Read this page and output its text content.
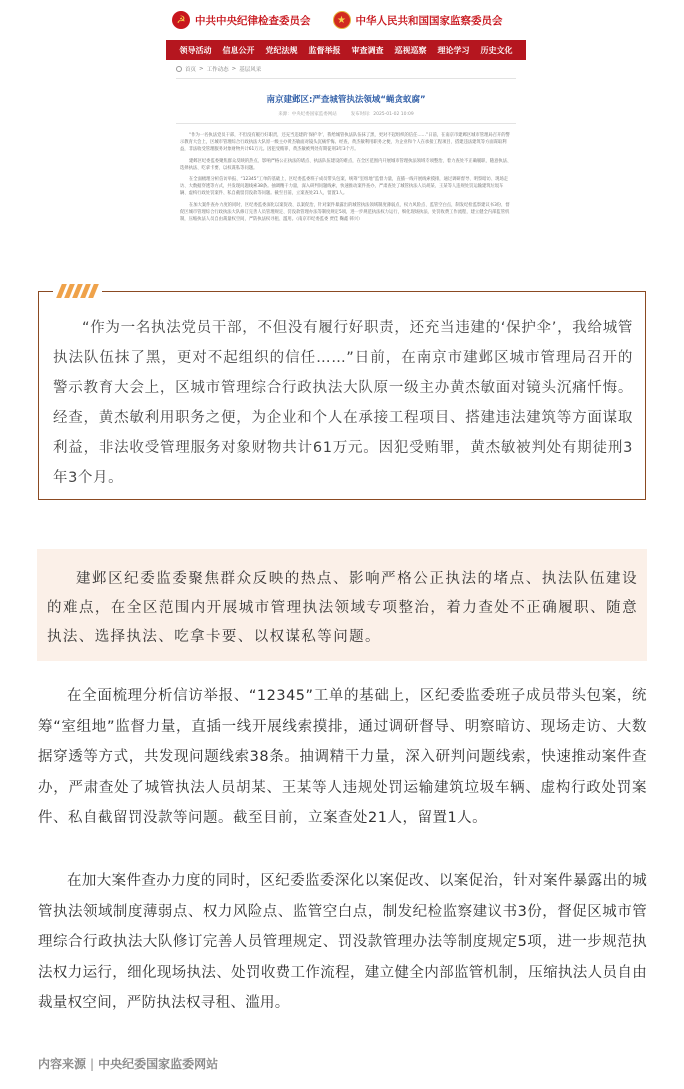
☭ 中共中央纪律检查委员会	★ 中华人民共和国国家监察委员会
领导活动 信息公开 党纪法规 监督举报 审查调查 巡视巡察 理论学习 历史文化
首页 > 工作动态 > 基层风采
南京建邺区:严查城管执法领域“蝇贪蚁腐”
来源：中央纪委国家监委网站	发布时间：2025-01-02 10:09

“作为一名执法党员干部，不但没有履行好职责，还充当违建的‘保护伞’，我给城管执法队伍抹了黑，更对不起组织的信任……”日前，在南京市建邺区城市管理局召开的警示教育大会上，区城市管理综合行政执法大队原一级主办黄杰敏面对镜头沉痛忏悔。经查，黄杰敏利用职务之便，为企业和个人在承接工程项目、搭建违法建筑等方面谋取利益，非法收受管理服务对象财物共计61万元。因犯受贿罪，黄杰敏被判处有期徒刑3年3个月。

建邺区纪委监委聚焦群众反映的热点、影响严格公正执法的堵点、执法队伍建设的难点，在全区范围内开展城市管理执法领域专项整治，着力查处不正确履职、随意执法、选择执法、吃拿卡要、以权谋私等问题。

在全面梳理分析信访举报、“12345”工单的基础上，区纪委监委班子成员带头包案，统筹“室组地”监督力量，直插一线开展线索摸排，通过调研督导、明察暗访、现场走访、大数据穿透等方式，共发现问题线索38条。抽调精干力量，深入研判问题线索，快速推动案件查办，严肃查处了城管执法人员胡某、王某等人违规处罚运输建筑垃圾车辆、虚构行政处罚案件、私自截留罚没款等问题。截至目前，立案查处21人，留置1人。

在加大案件查办力度的同时，区纪委监委深化以案促改、以案促治，针对案件暴露出的城管执法领域制度薄弱点、权力风险点、监管空白点，制发纪检监察建议书3份，督促区城市管理综合行政执法大队修订完善人员管理规定、罚没款管理办法等制度规定5项，进一步规范执法权力运行，细化现场执法、处罚收费工作流程，建立健全内部监管机制，压缩执法人员自由裁量权空间，严防执法权寻租、滥用。（南京市纪委监委 贾佳 鞠鑫 韩兴）

“作为一名执法党员干部，不但没有履行好职责，还充当违建的‘保护伞’，我给城管执法队伍抹了黑，更对不起组织的信任……”日前，在南京市建邺区城市管理局召开的警示教育大会上，区城市管理综合行政执法大队原一级主办黄杰敏面对镜头沉痛忏悔。经查，黄杰敏利用职务之便，为企业和个人在承接工程项目、搭建违法建筑等方面谋取利益，非法收受管理服务对象财物共计61万元。因犯受贿罪，黄杰敏被判处有期徒刑3年3个月。
建邺区纪委监委聚焦群众反映的热点、影响严格公正执法的堵点、执法队伍建设的难点，在全区范围内开展城市管理执法领域专项整治，着力查处不正确履职、随意执法、选择执法、吃拿卡要、以权谋私等问题。
在全面梳理分析信访举报、“12345”工单的基础上，区纪委监委班子成员带头包案，统筹“室组地”监督力量，直插一线开展线索摸排，通过调研督导、明察暗访、现场走访、大数据穿透等方式，共发现问题线索38条。抽调精干力量，深入研判问题线索，快速推动案件查办，严肃查处了城管执法人员胡某、王某等人违规处罚运输建筑垃圾车辆、虚构行政处罚案件、私自截留罚没款等问题。截至目前，立案查处21人，留置1人。
在加大案件查办力度的同时，区纪委监委深化以案促改、以案促治，针对案件暴露出的城管执法领域制度薄弱点、权力风险点、监管空白点，制发纪检监察建议书3份，督促区城市管理综合行政执法大队修订完善人员管理规定、罚没款管理办法等制度规定5项，进一步规范执法权力运行，细化现场执法、处罚收费工作流程，建立健全内部监管机制，压缩执法人员自由裁量权空间，严防执法权寻租、滥用。
内容来源 | 中央纪委国家监委网站
